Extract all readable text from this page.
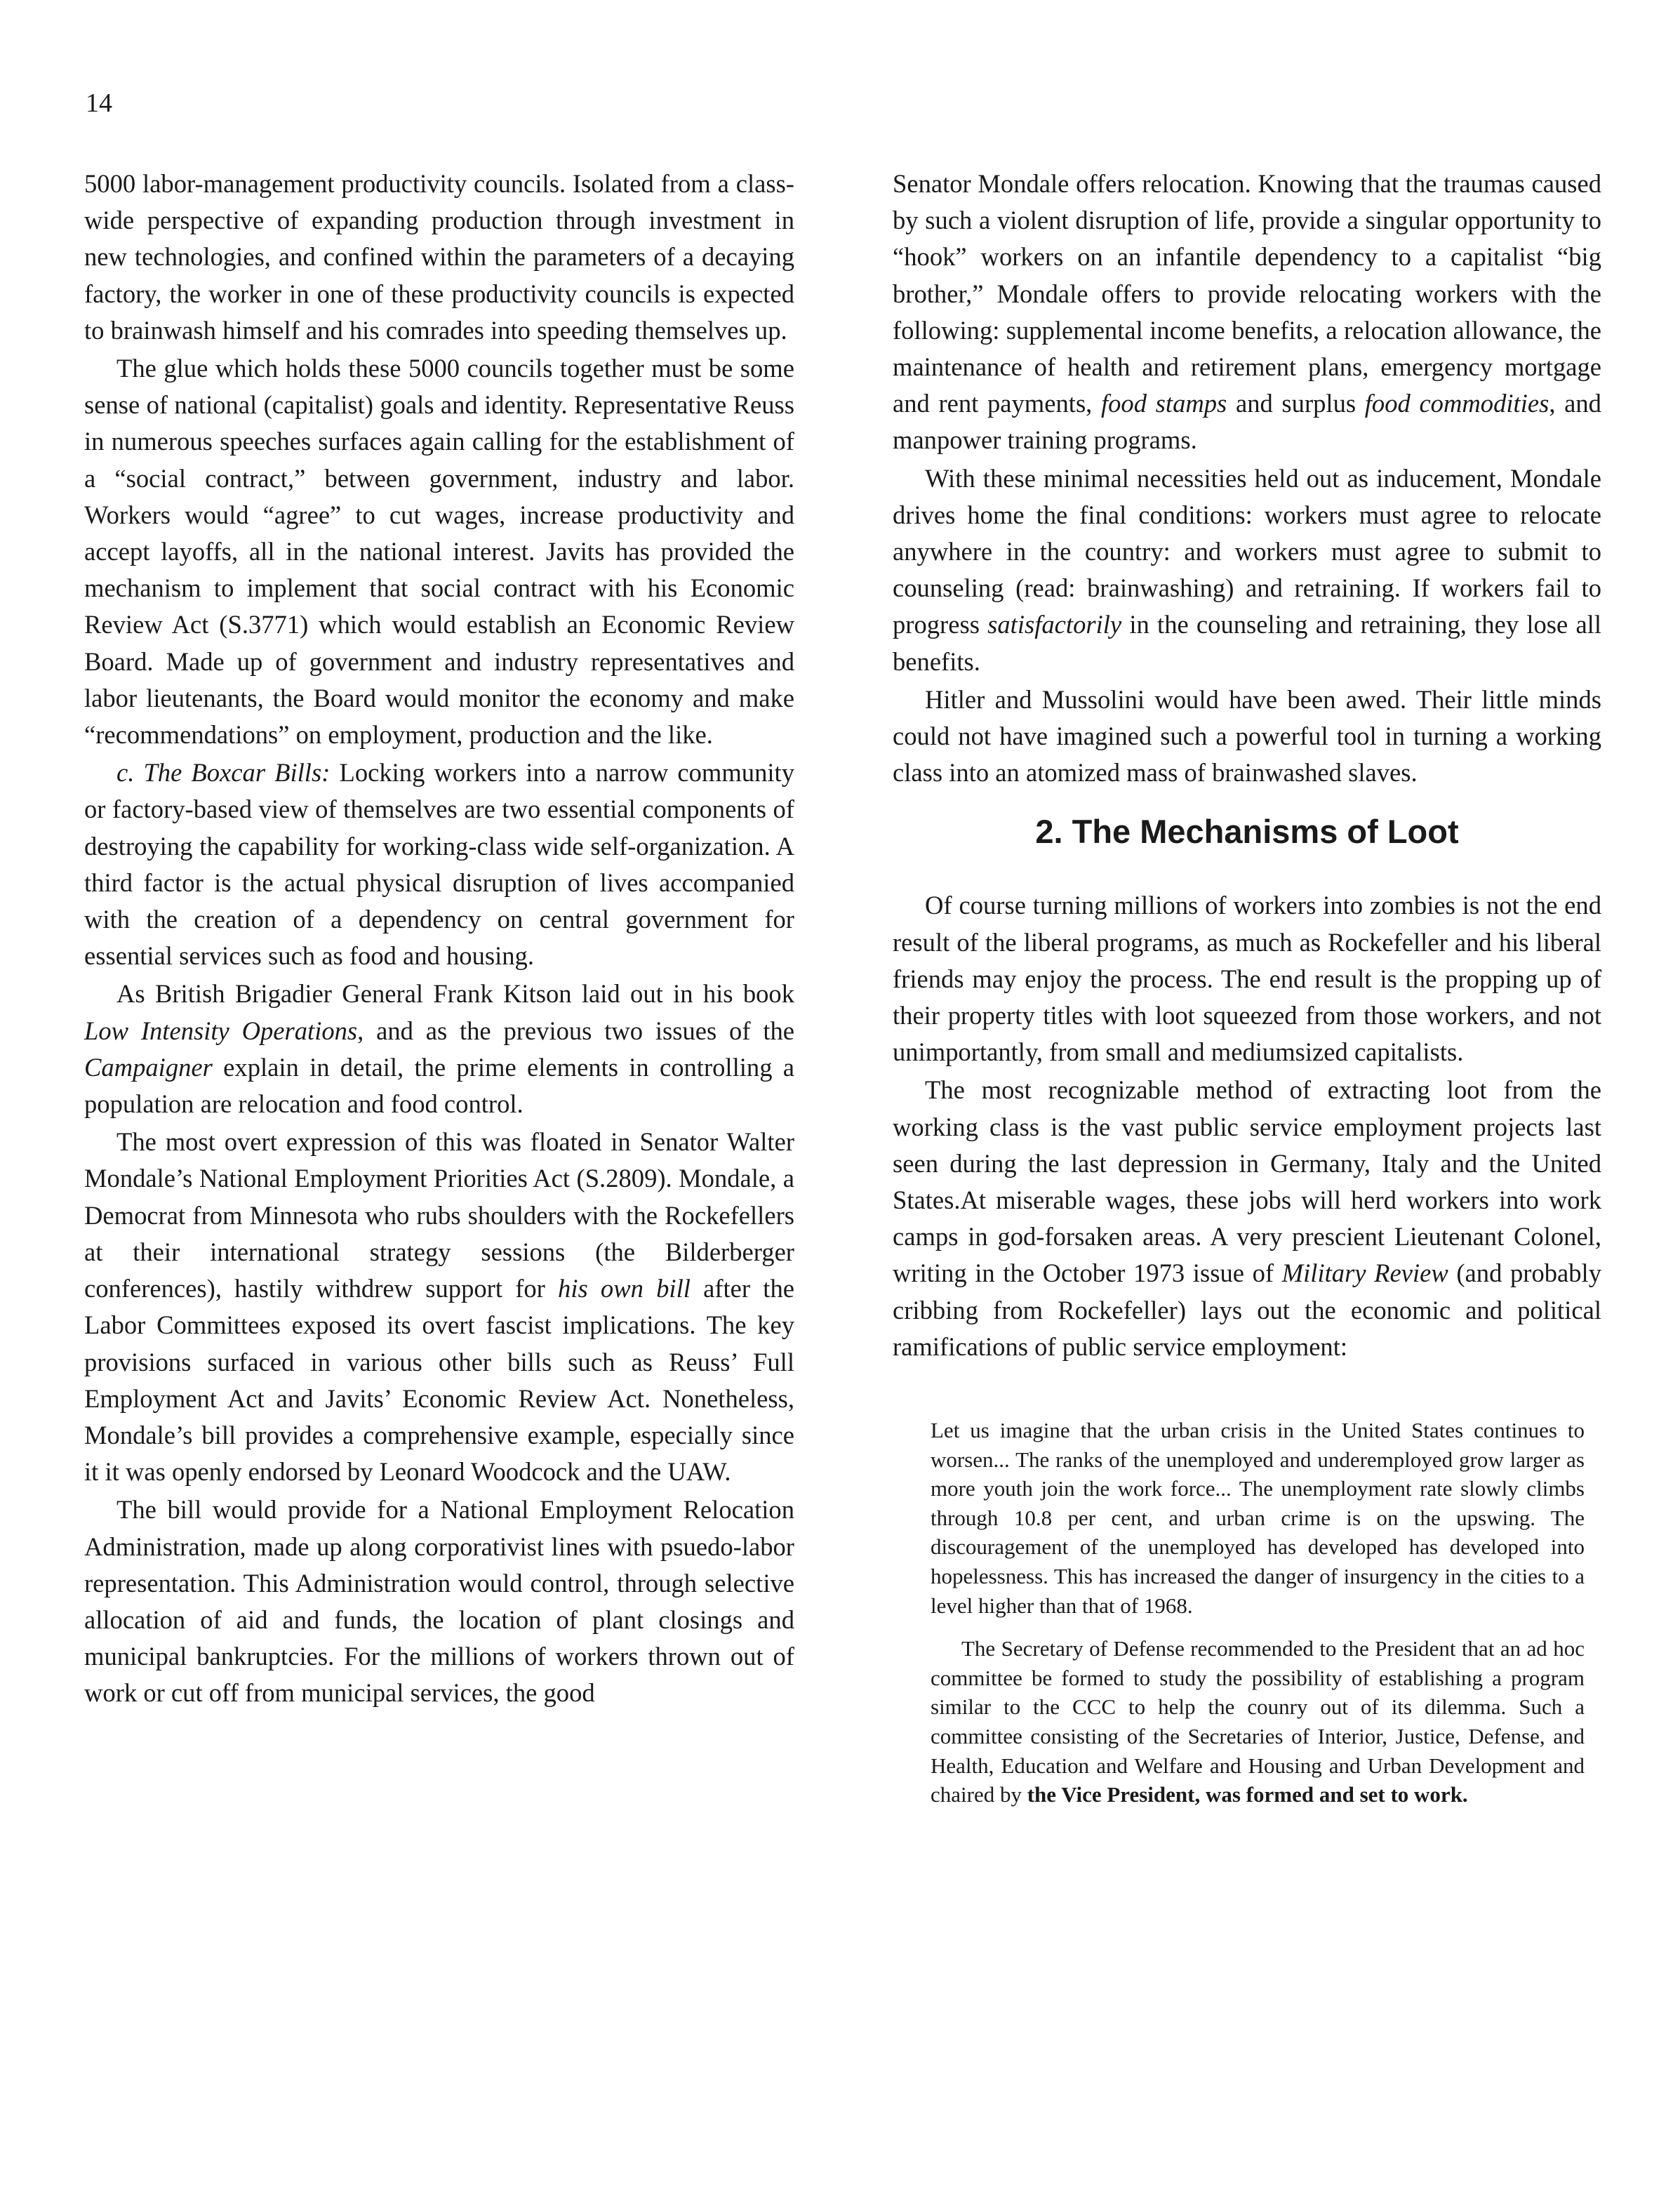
14

5000 labor-management productivity councils. Isolated from a class-wide perspective of expanding production through investment in new technologies, and confined within the parameters of a decaying factory, the worker in one of these productivity councils is expected to brainwash himself and his comrades into speeding themselves up.

The glue which holds these 5000 councils together must be some sense of national (capitalist) goals and identity. Representative Reuss in numerous speeches surfaces again calling for the establishment of a “social contract,” between government, industry and labor. Workers would “agree” to cut wages, increase productivity and accept layoffs, all in the national interest. Javits has provided the mechanism to implement that social contract with his Economic Review Act (S.3771) which would establish an Economic Review Board. Made up of government and industry representatives and labor lieutenants, the Board would monitor the economy and make “recommendations” on employment, production and the like.

c. The Boxcar Bills: Locking workers into a narrow community or factory-based view of themselves are two essential components of destroying the capability for working-class wide self-organization. A third factor is the actual physical disruption of lives accompanied with the creation of a dependency on central government for essential services such as food and housing.

As British Brigadier General Frank Kitson laid out in his book Low Intensity Operations, and as the previous two issues of the Campaigner explain in detail, the prime elements in controlling a population are relocation and food control.

The most overt expression of this was floated in Senator Walter Mondale’s National Employment Priorities Act (S.2809). Mondale, a Democrat from Minnesota who rubs shoulders with the Rockefellers at their international strategy sessions (the Bilderberger conferences), hastily withdrew support for his own bill after the Labor Committees exposed its overt fascist implications. The key provisions surfaced in various other bills such as Reuss’ Full Employment Act and Javits’ Economic Review Act. Nonetheless, Mondale’s bill provides a comprehensive example, especially since it it was openly endorsed by Leonard Woodcock and the UAW.

The bill would provide for a National Employment Relocation Administration, made up along corporativist lines with psuedo-labor representation. This Administration would control, through selective allocation of aid and funds, the location of plant closings and municipal bankruptcies. For the millions of workers thrown out of work or cut off from municipal services, the good

Senator Mondale offers relocation. Knowing that the traumas caused by such a violent disruption of life, provide a singular opportunity to “hook” workers on an infantile dependency to a capitalist “big brother,” Mondale offers to provide relocating workers with the following: supplemental income benefits, a relocation allowance, the maintenance of health and retirement plans, emergency mortgage and rent payments, food stamps and surplus food commodities, and manpower training programs.

With these minimal necessities held out as inducement, Mondale drives home the final conditions: workers must agree to relocate anywhere in the country: and workers must agree to submit to counseling (read: brainwashing) and retraining. If workers fail to progress satisfactorily in the counseling and retraining, they lose all benefits.

Hitler and Mussolini would have been awed. Their little minds could not have imagined such a powerful tool in turning a working class into an atomized mass of brainwashed slaves.

2. The Mechanisms of Loot

Of course turning millions of workers into zombies is not the end result of the liberal programs, as much as Rockefeller and his liberal friends may enjoy the process. The end result is the propping up of their property titles with loot squeezed from those workers, and not unimportantly, from small and mediumsized capitalists.

The most recognizable method of extracting loot from the working class is the vast public service employment projects last seen during the last depression in Germany, Italy and the United States.At miserable wages, these jobs will herd workers into work camps in god-forsaken areas. A very prescient Lieutenant Colonel, writing in the October 1973 issue of Military Review (and probably cribbing from Rockefeller) lays out the economic and political ramifications of public service employment:

Let us imagine that the urban crisis in the United States continues to worsen... The ranks of the unemployed and underemployed grow larger as more youth join the work force... The unemployment rate slowly climbs through 10.8 per cent, and urban crime is on the upswing. The discouragement of the unemployed has developed has developed into hopelessness. This has increased the danger of insurgency in the cities to a level higher than that of 1968.

The Secretary of Defense recommended to the President that an ad hoc committee be formed to study the possibility of establishing a program similar to the CCC to help the counry out of its dilemma. Such a committee consisting of the Secretaries of Interior, Justice, Defense, and Health, Education and Welfare and Housing and Urban Development and chaired by the Vice President, was formed and set to work.
